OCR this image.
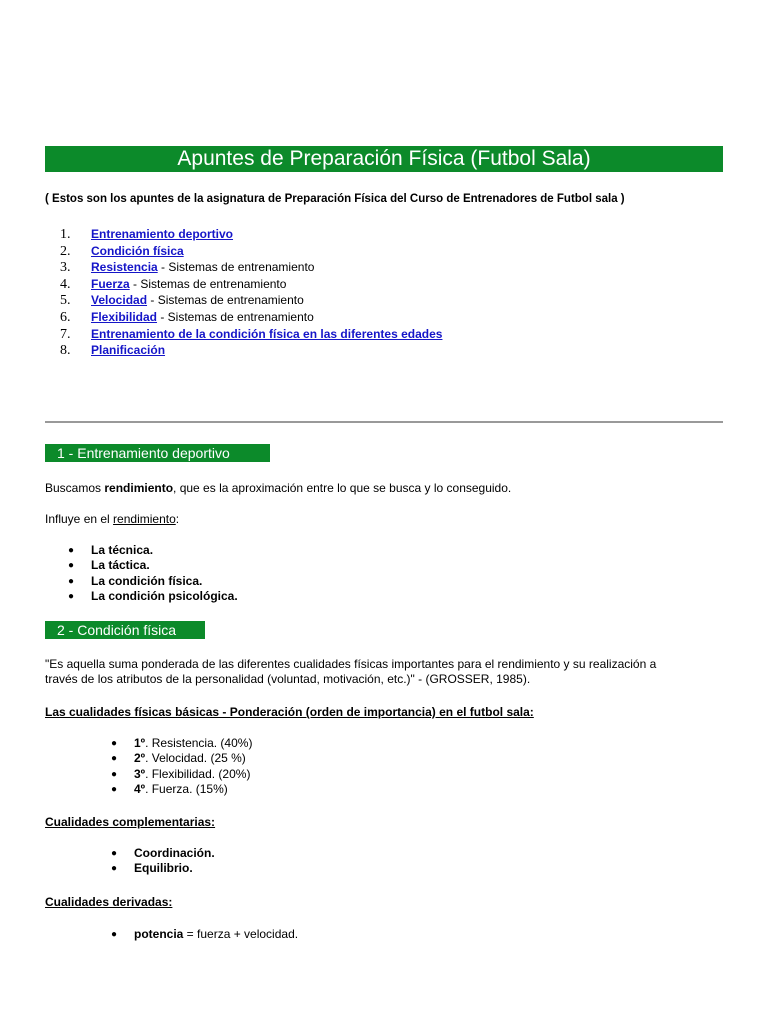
Apuntes de Preparación Física (Futbol Sala)
( Estos son los apuntes de la asignatura de Preparación Física del Curso de Entrenadores de Futbol sala )
1. Entrenamiento deportivo
2. Condición física
3. Resistencia - Sistemas de entrenamiento
4. Fuerza - Sistemas de entrenamiento
5. Velocidad - Sistemas de entrenamiento
6. Flexibilidad - Sistemas de entrenamiento
7. Entrenamiento de la condición física en las diferentes edades
8. Planificación
1 - Entrenamiento deportivo
Buscamos rendimiento, que es la aproximación entre lo que se busca y lo conseguido.
Influye en el rendimiento:
● La técnica.
● La táctica.
● La condición física.
● La condición psicológica.
2 - Condición física
"Es aquella suma ponderada de las diferentes cualidades físicas importantes para el rendimiento y su realización a
través de los atributos de la personalidad (voluntad, motivación, etc.)" - (GROSSER, 1985).
Las cualidades físicas básicas - Ponderación (orden de importancia) en el futbol sala:
● 1º. Resistencia. (40%)
● 2º. Velocidad. (25 %)
● 3º. Flexibilidad. (20%)
● 4º. Fuerza. (15%)
Cualidades complementarias:
● Coordinación.
● Equilibrio.
Cualidades derivadas:
● potencia = fuerza + velocidad.
